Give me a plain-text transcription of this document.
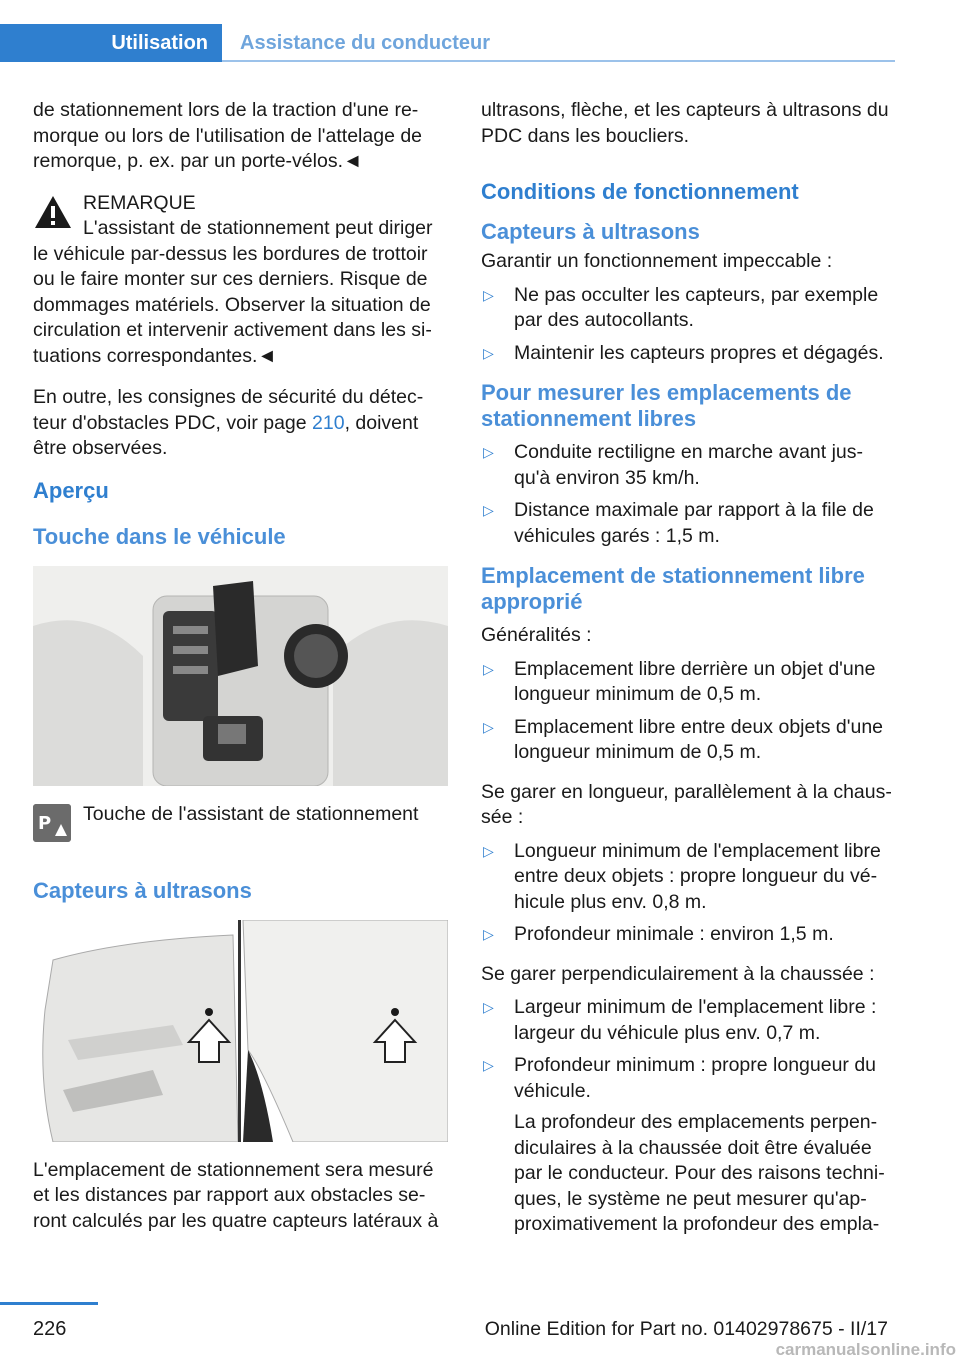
Utilisation	Assistance du conducteur

de stationnement lors de la traction d'une re-morque ou lors de l'utilisation de l'attelage de remorque, p. ex. par un porte-vélos.◄

REMARQUE
L'assistant de stationnement peut diriger
le véhicule par-dessus les bordures de trottoir ou le faire monter sur ces derniers. Risque de dommages matériels. Observer la situation de circulation et intervenir activement dans les si-tuations correspondantes.◄

En outre, les consignes de sécurité du détec-teur d'obstacles PDC, voir page 210, doivent être observées.

Aperçu
Touche dans le véhicule
P Touche de l'assistant de stationnement
Capteurs à ultrasons

L'emplacement de stationnement sera mesuré et les distances par rapport aux obstacles se-ront calculés par les quatre capteurs latéraux à

ultrasons, flèche, et les capteurs à ultrasons du PDC dans les boucliers.

Conditions de fonctionnement
Capteurs à ultrasons

Garantir un fonctionnement impeccable :

▷ Ne pas occulter les capteurs, par exemple par des autocollants.
▷ Maintenir les capteurs propres et dégagés.
Pour mesurer les emplacements de stationnement libres
▷ Conduite rectiligne en marche avant jus-qu'à environ 35 km/h.
▷ Distance maximale par rapport à la file de véhicules garés : 1,5 m.
Emplacement de stationnement libre approprié

Généralités :

▷ Emplacement libre derrière un objet d'une longueur minimum de 0,5 m.
▷ Emplacement libre entre deux objets d'une longueur minimum de 0,5 m.

Se garer en longueur, parallèlement à la chaus-sée :

▷ Longueur minimum de l'emplacement libre entre deux objets : propre longueur du vé-hicule plus env. 0,8 m.
▷ Profondeur minimale : environ 1,5 m.

Se garer perpendiculairement à la chaussée :

▷ Largeur minimum de l'emplacement libre : largeur du véhicule plus env. 0,7 m.
▷ Profondeur minimum : propre longueur du véhicule.
La profondeur des emplacements perpen-diculaires à la chaussée doit être évaluée par le conducteur. Pour des raisons techni-ques, le système ne peut mesurer qu'ap-proximativement la profondeur des empla-
226	Online Edition for Part no. 01402978675 - II/17
carmanualsonline.info
